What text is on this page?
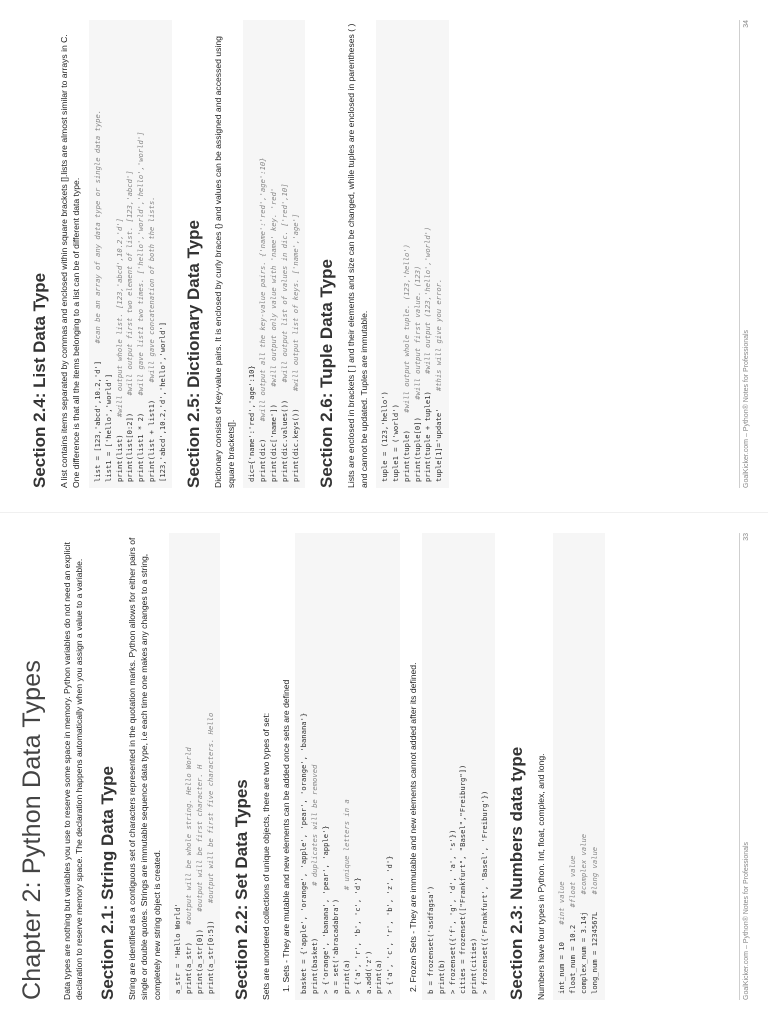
Chapter 2: Python Data Types Data types are nothing but variables you use to reserve some space in memory. Python variables do not need an explicit declaration to reserve memory space. The declaration happens automatically when you assign a value to a variable. Section 2.1: String Data Type String are identified as a contiguous set of characters represented in the quotation marks. Python allows for either pairs of single or double quotes. Strings are immutable sequence data type, i.e each time one makes any changes to a string, completely new string object is created. a_str = 'Hello World' print(a_str)    #output will be whole string. Hello World
print(a_str[0])    #output will be first character. H
print(a_str[0:5])    #output will be first five characters. Hello Section 2.2: Set Data Types Sets are unordered collections of unique objects, there are two types of set: 1. Sets - They are mutable and new elements can be added once sets are defined basket = {'apple', 'orange', 'apple', 'pear', 'orange', 'banana'} print(basket)            # duplicates will be removed
> {'orange', 'banana', 'pear', 'apple'} a = set('abracadabra') print(a)                # unique letters in a
> {'a', 'r', 'b', 'c', 'd'} a.add('z') print(a) > {'a', 'c', 'r', 'b', 'z', 'd'} 2. Frozen Sets - They are immutable and new elements cannot added after its defined. b = frozenset('asdfagsa') print(b) > frozenset({'f', 'g', 'd', 'a', 's'}) cities = frozenset(["Frankfurt", "Basel","Freiburg"]) print(cities) > frozenset({'Frankfurt', 'Basel', 'Freiburg'}) Section 2.3: Numbers data type Numbers have four types in Python. Int, float, complex, and long. int_num = 10    #int value
float_num = 10.2    #float value
complex_num = 3.14j    #complex value
long_num = 1234567L    #long value	GoalKicker.com – Python® Notes for Professionals
33
Section 2.4: List Data Type A list contains items separated by commas and enclosed within square brackets [].lists are almost similar to arrays in C. One difference is that all the items belonging to a list can be of different data type. list = [123,'abcd',10.2,'d']    #can be an array of any data type or single data type.
list1 = ['hello','world'] print(list)    #will output whole list. [123,'abcd',10.2,'d']
print(list[0:2])    #will output first two element of list. [123,'abcd']
print(list1 * 2)    #will gave list1 two times. ['hello','world','hello','world']
print(list + list1)    #will gave concatenation of both the lists.
[123,'abcd',10.2,'d','hello','world'] Section 2.5: Dictionary Data Type Dictionary consists of key-value pairs. It is enclosed by curly braces {} and values can be assigned and accessed using square brackets[]. dic={'name':'red','age':10} print(dic)    #will output all the key-value pairs. {'name':'red','age':10}
print(dic['name'])    #will output only value with 'name' key. 'red'
print(dic.values())    #will output list of values in dic. ['red',10]
print(dic.keys())    #will output list of keys. ['name','age'] Section 2.6: Tuple Data Type Lists are enclosed in brackets [ ] and their elements and size can be changed, while tuples are enclosed in parentheses ( ) and cannot be updated. Tuples are immutable. tuple = (123,'hello') tuple1 = ('world') print(tuple)    #will output whole tuple. (123,'hello')
print(tuple[0])    #will output first value. (123)
print(tuple + tuple1)    #will output (123,'hello','world')
tuple[1]='update'    #this will give you error.	GoalKicker.com – Python® Notes for Professionals
34
